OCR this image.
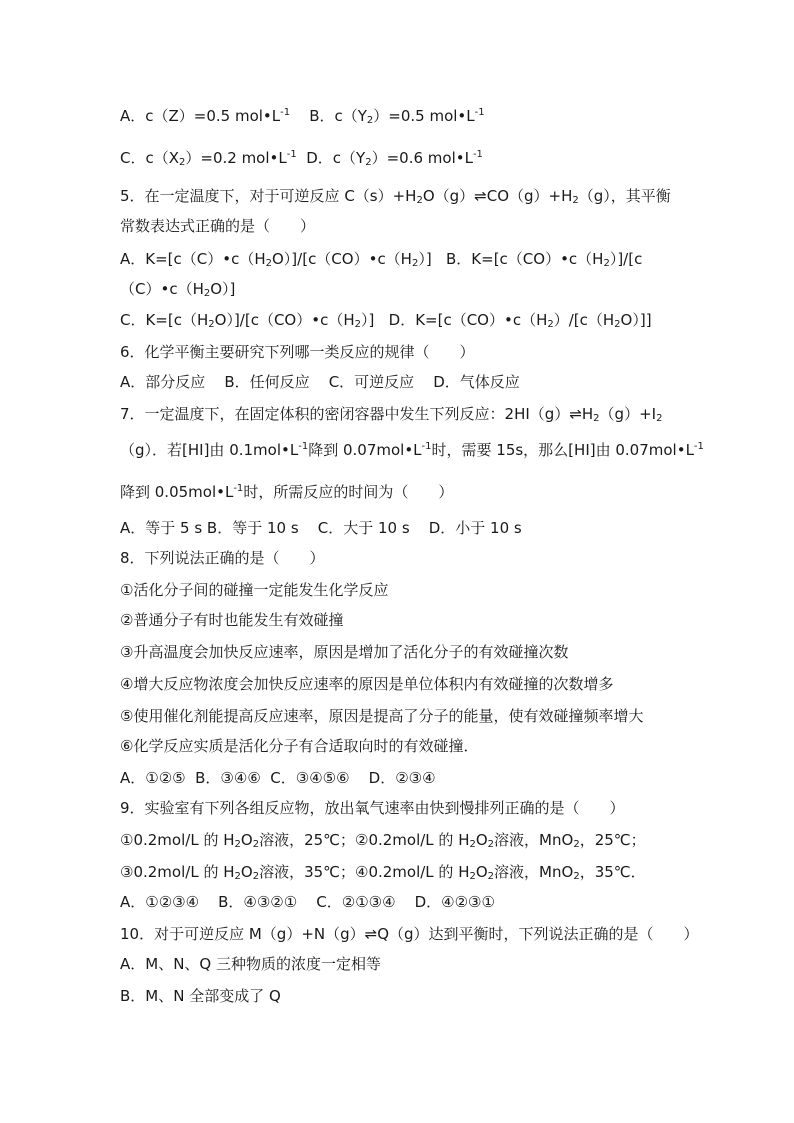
A．c（Z）=0.5 $mol•L^{-1}$    B．$c(Y_2)=0.5$ $mol•L^{-1}$
C．$c(X_2)=0.2$ $mol•L^{-1}$  D．$c(Y_2)=0.6$ $mol•L^{-1}$
5．在一定温度下，对于可逆反应 $C(s)+H_2O(g)\rightleftharpoons CO(g)+H_2(g)$，其平衡
常数表达式正确的是（　　）
A．$K=[c(C)•c(H_2O)]/[c(CO)•c(H_2)]$   B．$K=[c(CO)•c(H_2)]/[c$
$(C)•c(H_2O)$]
C．$K=[c(H_2O)]/[c(CO)•c(H_2)]$   D．$K=[c(CO)•c(H_2)/[c(H_2O)]]$
6．化学平衡主要研究下列哪一类反应的规律（　　）
A．部分反应    B．任何反应    C．可逆反应    D．气体反应
7．一定温度下，在固定体积的密闭容器中发生下列反应：$2HI(g)\rightleftharpoons H_2(g)+I_2$
（g）．若[HI]由 $0.1mol•L^{-1}$降到 $0.07mol•L^{-1}$时，需要 15s，那么[HI]由 $0.07mol•L^{-1}$
降到 $0.05mol•L^{-1}$时，所需反应的时间为（　　）
A．等于 5 s B．等于 10 s    C．大于 10 s    D．小于 10 s
8．下列说法正确的是（　　）
①活化分子间的碰撞一定能发生化学反应
②普通分子有时也能发生有效碰撞
③升高温度会加快反应速率，原因是增加了活化分子的有效碰撞次数
④增大反应物浓度会加快反应速率的原因是单位体积内有效碰撞的次数增多
⑤使用催化剂能提高反应速率，原因是提高了分子的能量，使有效碰撞频率增大
⑥化学反应实质是活化分子有合适取向时的有效碰撞．
A．①②⑤  B．③④⑥  C．③④⑤⑥    D．②③④
9．实验室有下列各组反应物，放出氧气速率由快到慢排列正确的是（　　）
①0.2mol/L 的 $H_2O_2$溶液，25℃；②0.2mol/L 的 $H_2O_2$溶液，MnO$_2$，25℃；
③0.2mol/L 的 $H_2O_2$溶液，35℃；④0.2mol/L 的 $H_2O_2$溶液，MnO$_2$，35℃．
A．①②③④    B．④③②①    C．②①③④    D．④②③①
10．对于可逆反应 M（g）+N（g）⇌Q（g）达到平衡时，下列说法正确的是（　　）
A．M、N、Q 三种物质的浓度一定相等
B．M、N 全部变成了 Q
